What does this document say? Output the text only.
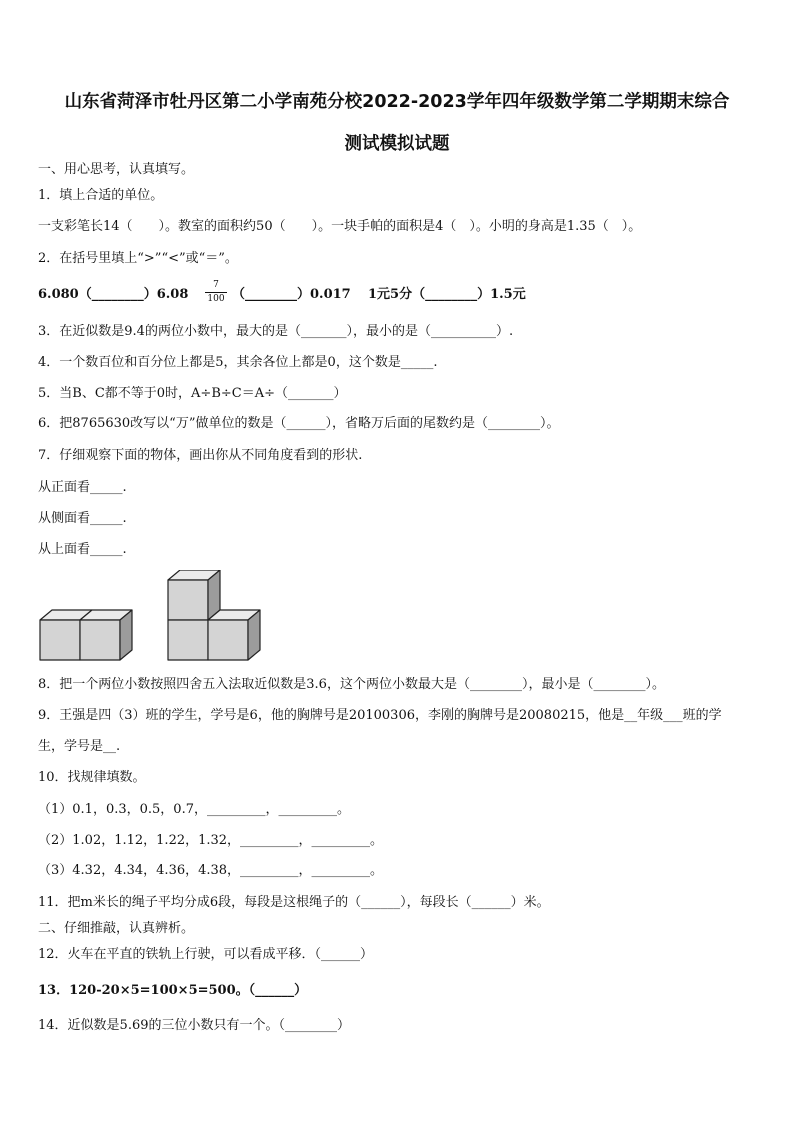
山东省菏泽市牡丹区第二小学南苑分校2022-2023学年四年级数学第二学期期末综合
测试模拟试题
一、用心思考，认真填写。
1．填上合适的单位。
一支彩笔长14（　　）。教室的面积约50（　　）。一块手帕的面积是4（　）。小明的身高是1.35（　）。
2．在括号里填上“>”“<”或“＝”。
6.080（________）6.08 $\frac{7}{100}$ （________）0.017 1元5分（________）1.5元
3．在近似数是9.4的两位小数中，最大的是（_______），最小的是（__________）.
4．一个数百位和百分位上都是5，其余各位上都是0，这个数是_____.
5．当B、C都不等于0时，A÷B÷C＝A÷（_______）
6．把8765630改写以“万”做单位的数是（______），省略万后面的尾数约是（________）。
7．仔细观察下面的物体，画出你从不同角度看到的形状.
从正面看_____.
从侧面看_____.
从上面看_____.
8．把一个两位小数按照四舍五入法取近似数是3.6，这个两位小数最大是（________），最小是（________）。
9．王强是四（3）班的学生，学号是6，他的胸牌号是20100306，李刚的胸牌号是20080215，他是__年级___班的学
生，学号是__.
10．找规律填数。
（1）0.1，0.3，0.5，0.7，_________，_________。
（2）1.02，1.12，1.22，1.32，_________，_________。
（3）4.32，4.34，4.36，4.38，_________，_________。
11．把m米长的绳子平均分成6段，每段是这根绳子的（______），每段长（______）米。
二、仔细推敲，认真辨析。
12．火车在平直的铁轨上行驶，可以看成平移．（______）
13．120-20×5=100×5=500。（______）
14．近似数是5.69的三位小数只有一个。（________）
